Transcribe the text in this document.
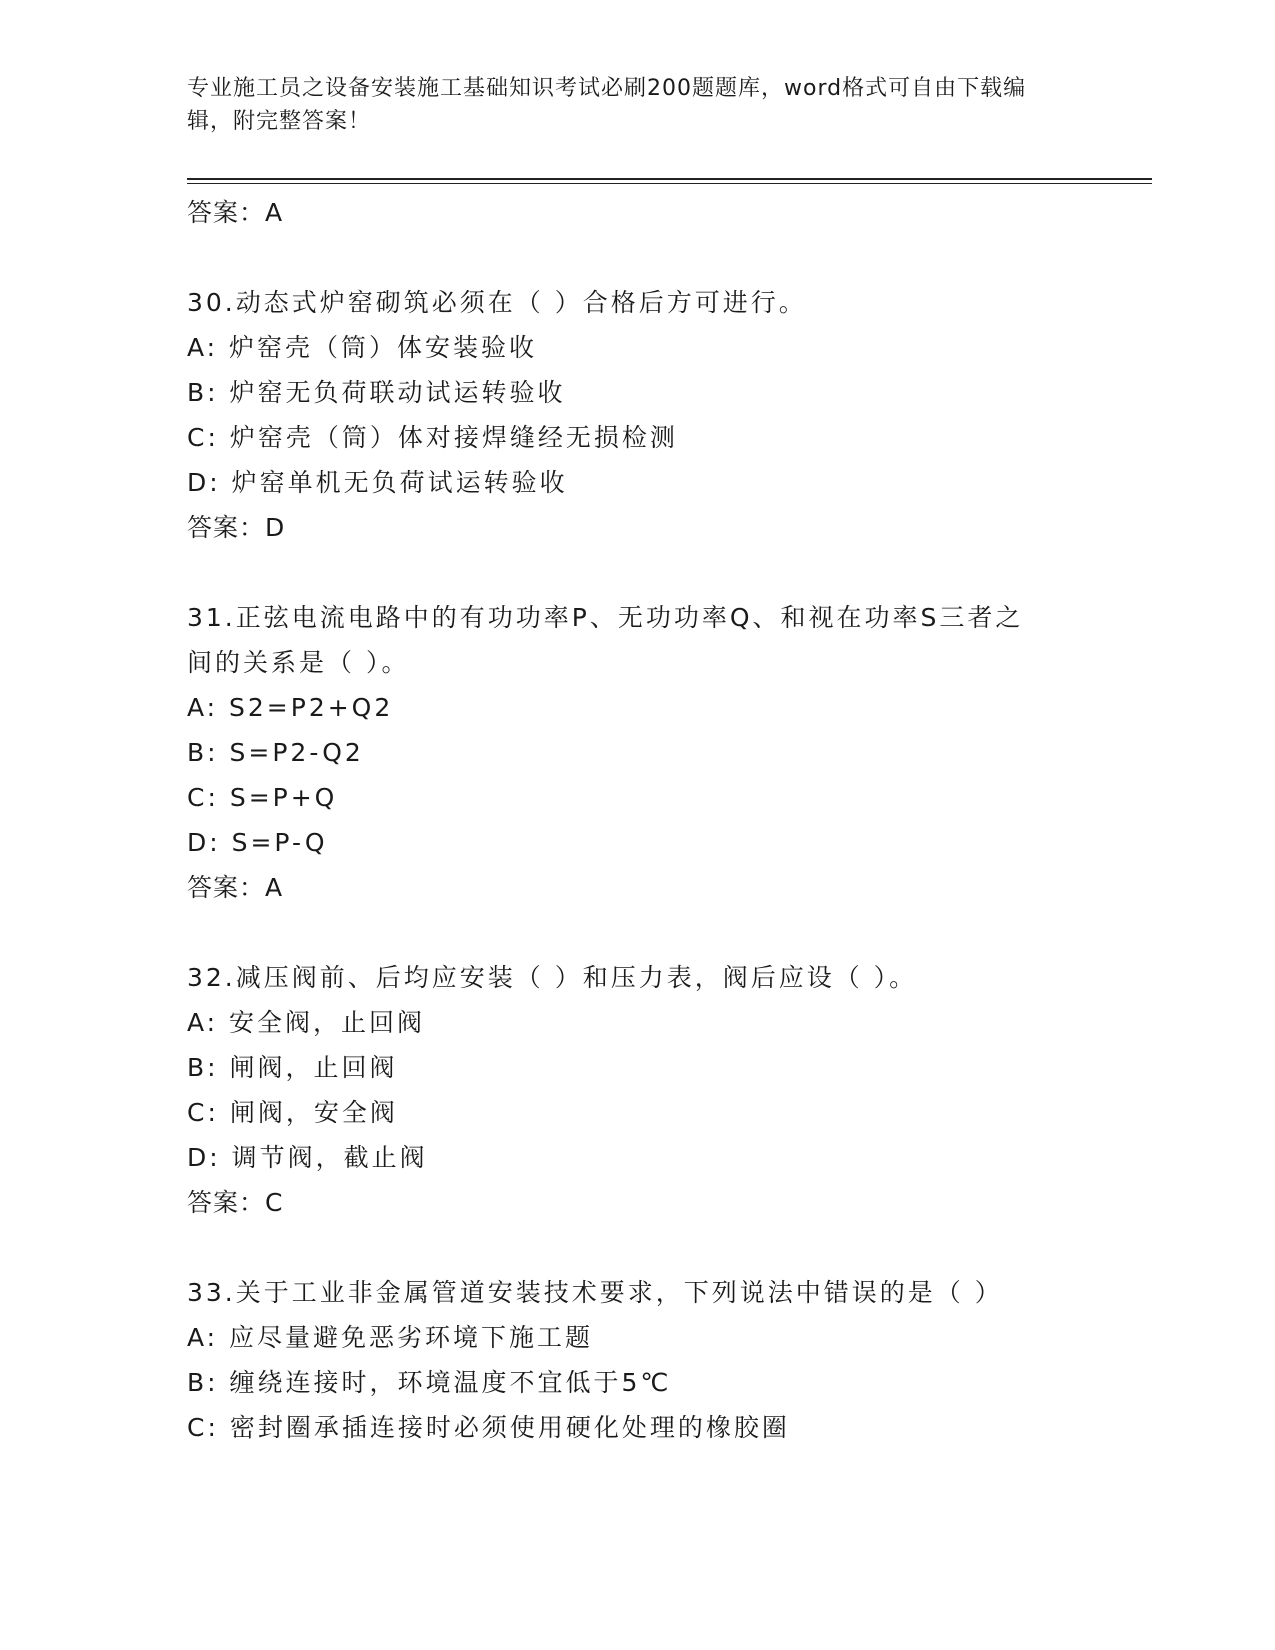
专业施工员之设备安装施工基础知识考试必刷200题题库，word格式可自由下载编辑，附完整答案！
答案：A
30.动态式炉窑砌筑必须在（ ）合格后方可进行。
A: 炉窑壳（筒）体安装验收
B: 炉窑无负荷联动试运转验收
C: 炉窑壳（筒）体对接焊缝经无损检测
D: 炉窑单机无负荷试运转验收
答案：D
31.正弦电流电路中的有功功率P、无功功率Q、和视在功率S三者之
间的关系是（ ）。
A: S2=P2+Q2
B: S=P2-Q2
C: S=P+Q
D: S=P-Q
答案：A
32.减压阀前、后均应安装（ ）和压力表，阀后应设（ ）。
A: 安全阀，止回阀
B: 闸阀，止回阀
C: 闸阀，安全阀
D: 调节阀，截止阀
答案：C
33.关于工业非金属管道安装技术要求，下列说法中错误的是（ ）
A: 应尽量避免恶劣环境下施工题
B: 缠绕连接时，环境温度不宜低于5℃
C: 密封圈承插连接时必须使用硬化处理的橡胶圈
